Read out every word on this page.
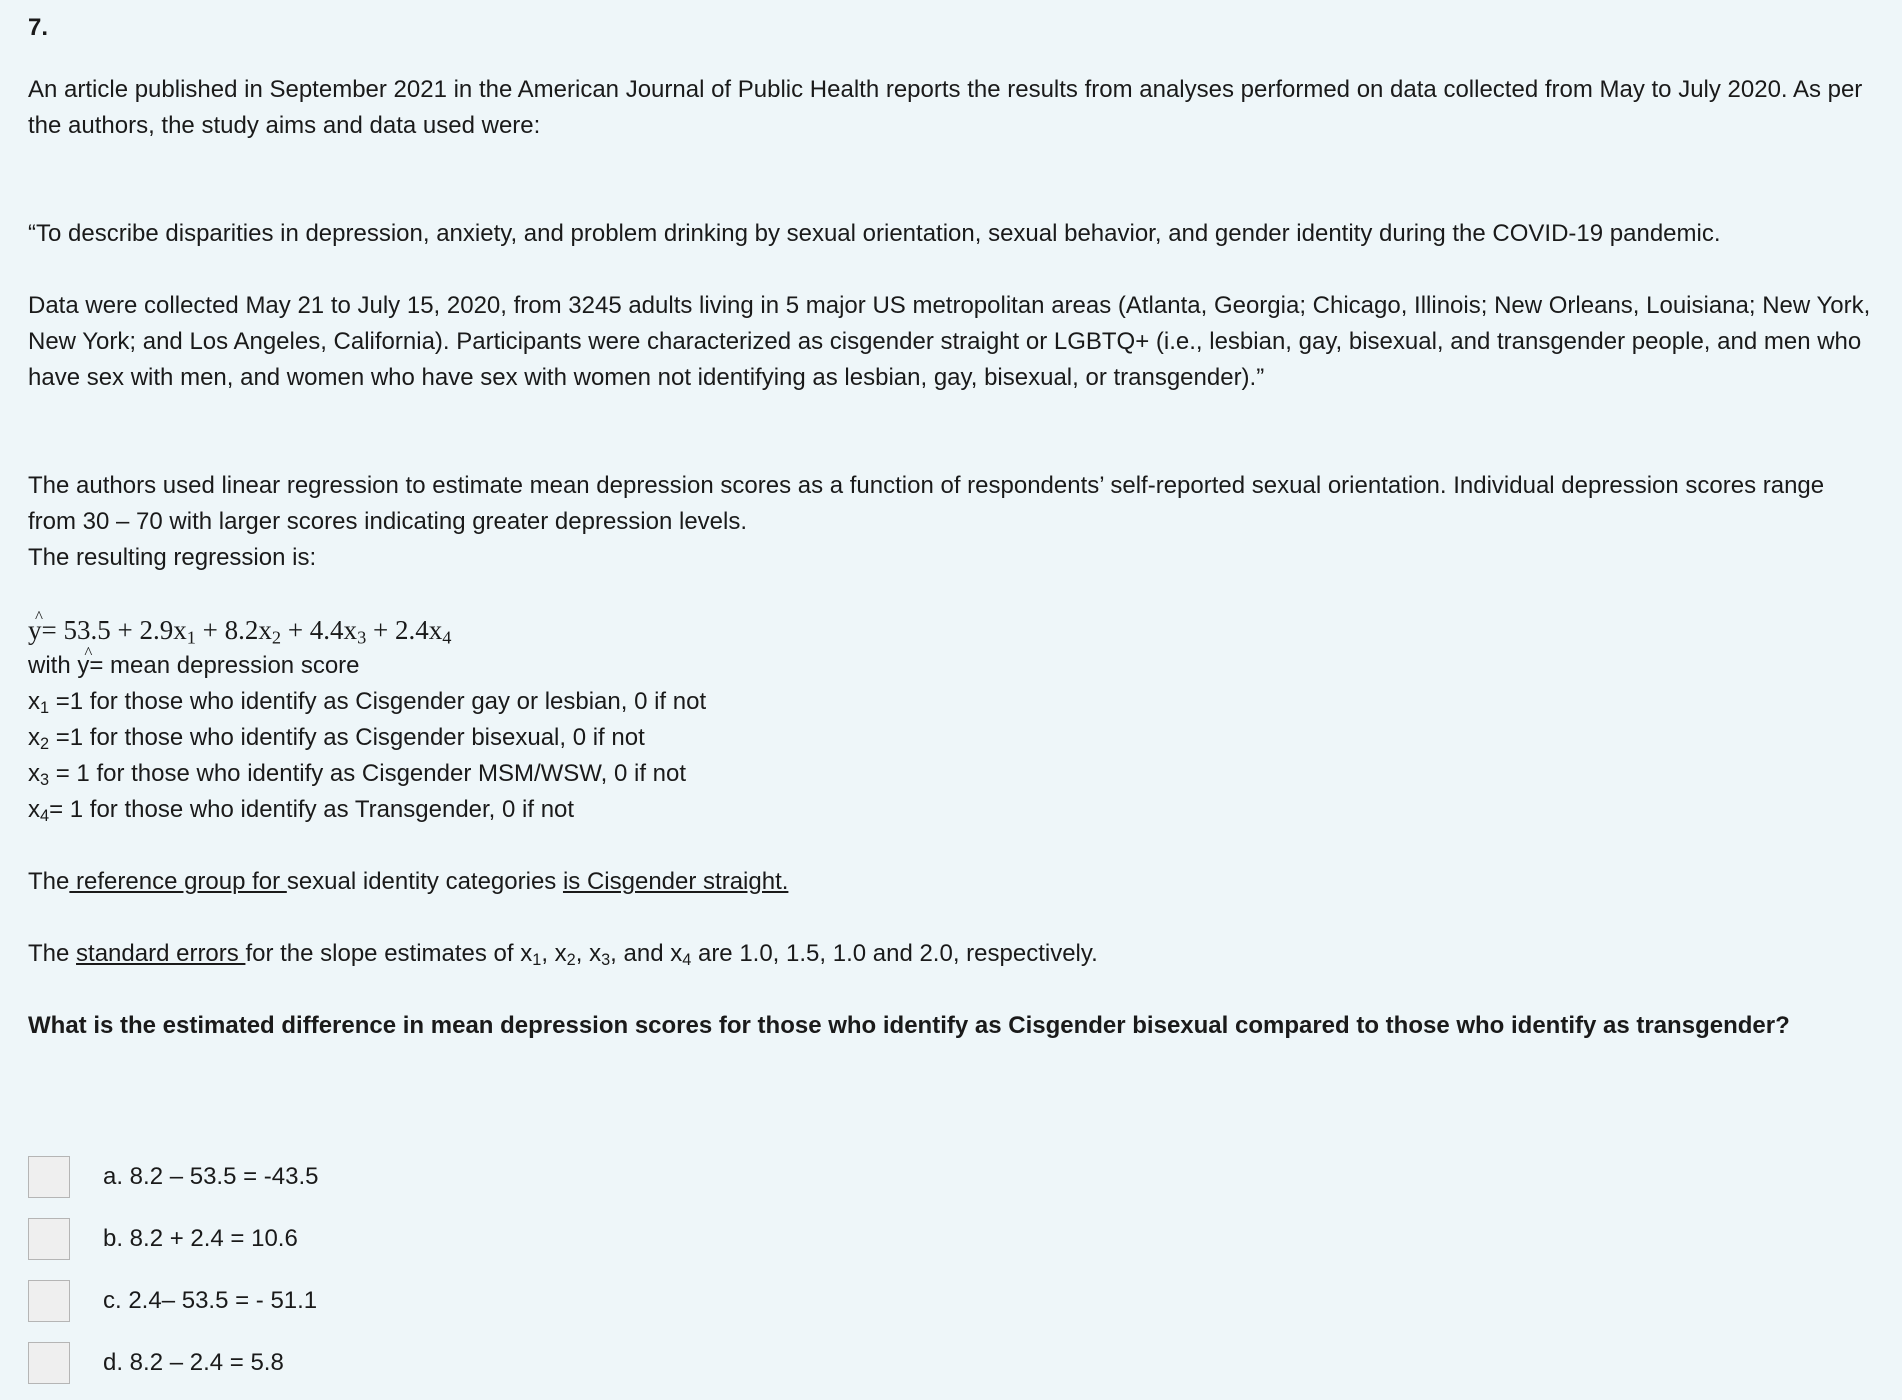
7.

An article published in September 2021 in the American Journal of Public Health reports the results from analyses performed on data collected from May to July 2020. As per the authors, the study aims and data used were:

“To describe disparities in depression, anxiety, and problem drinking by sexual orientation, sexual behavior, and gender identity during the COVID-19 pandemic.

Data were collected May 21 to July 15, 2020, from 3245 adults living in 5 major US metropolitan areas (Atlanta, Georgia; Chicago, Illinois; New Orleans, Louisiana; New York, New York; and Los Angeles, California). Participants were characterized as cisgender straight or LGBTQ+ (i.e., lesbian, gay, bisexual, and transgender people, and men who have sex with men, and women who have sex with women not identifying as lesbian, gay, bisexual, or transgender).”

The authors used linear regression to estimate mean depression scores as a function of respondents’ self-reported sexual orientation. Individual depression scores range from 30 – 70 with larger scores indicating greater depression levels.
The resulting regression is:
y ^= $53.5 + 2.9x_1 + 8.2x_2 + 4.4x_3 + 2.4x_4$
with y ^= mean depression score
$x_1 =1$ for those who identify as Cisgender gay or lesbian, 0 if not
$x_2 =1$ for those who identify as Cisgender bisexual, 0 if not
$x_3 = 1$ for those who identify as Cisgender MSM/WSW, 0 if not
$x_4= 1$ for those who identify as Transgender, 0 if not

The reference group for sexual identity categories is Cisgender straight.

The standard errors for the slope estimates of $x_1$, $x_2$, $x_3$, and $x_4$ are 1.0, 1.5, 1.0 and 2.0, respectively.

What is the estimated difference in mean depression scores for those who identify as Cisgender bisexual compared to those who identify as transgender?

a. 8.2 – 53.5 = -43.5
b. 8.2 + 2.4 = 10.6
c. 2.4– 53.5 = - 51.1
d. 8.2 – 2.4 = 5.8
